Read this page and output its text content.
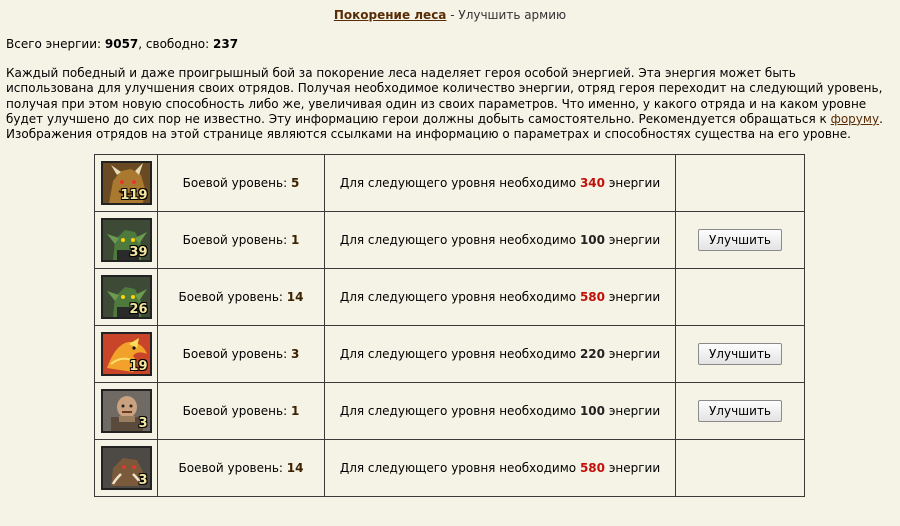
Покорение леса - Улучшить армию
Всего энергии: 9057, свободно: 237
Каждый победный и даже проигрышный бой за покорение леса наделяет героя особой энергией. Эта энергия может быть использована для улучшения своих отрядов. Получая необходимое количество энергии, отряд героя переходит на следующий уровень, получая при этом новую способность либо же, увеличивая один из своих параметров. Что именно, у какого отряда и на каком уровне будет улучшено до сих пор не известно. Эту информацию герои должны добыть самостоятельно. Рекомендуется обращаться к форуму. Изображения отрядов на этой странице являются ссылками на информацию о параметрах и способностях существа на его уровне.
119	Боевой уровень: 5	Для следующего уровня необходимо 340 энергии	

39	Боевой уровень: 1	Для следующего уровня необходимо 100 энергии	Улучшить

26	Боевой уровень: 14	Для следующего уровня необходимо 580 энергии	

19	Боевой уровень: 3	Для следующего уровня необходимо 220 энергии	Улучшить

3	Боевой уровень: 1	Для следующего уровня необходимо 100 энергии	Улучшить

3	Боевой уровень: 14	Для следующего уровня необходимо 580 энергии	
